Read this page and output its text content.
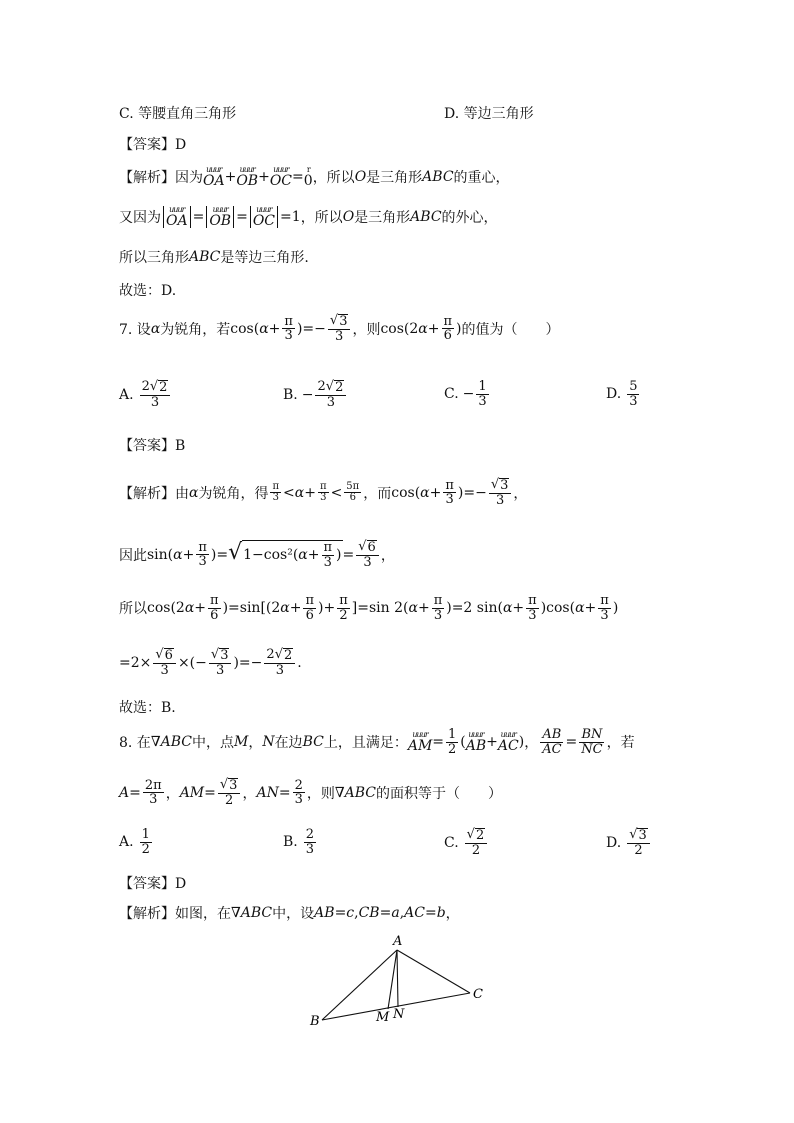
C. 等腰直角三角形	D. 等边三角形
【答案】D
【解析】 因为
uuur
OA + uuur
OB + uuur
OC = r
0 ，所以 O 是三角形 ABC 的重心，
又因为
uuur
OA = uuur
OB = uuur
OC = 1 ，所以 O 是三角形 ABC 的外心，
所以三角形 ABC 是等边三角形.
故选：D.
7. 设 α 为锐角，若 cos( $\alpha + \frac{\pi}{3}$ )=− $\frac{√ 3}{3}$ ，则 cos(2 $\alpha + \frac{\pi}{6}$ ) 的值为（　　）
A. $\frac{2√ 2}{3}$	B. − $\frac{2√ 2}{3}$	C. − $\frac{1}{3}$	D. $\frac{5}{3}$
【答案】B
【解析】 由 α 为锐角，得 $\frac{\pi}{3} < \alpha + \frac{\pi}{3} < \frac{5\pi}{6}$ ，而 cos( $\alpha + \frac{\pi}{3}$ )=− $\frac{√ 3}{3}$ ，
因此 sin( $\alpha + \frac{\pi}{3}$ )= √ $1-\cos^2(\alpha+ \frac{\pi}{3}$ ) = $\frac{√ 6}{3}$ ，
所以 cos(2 $\alpha + \frac{\pi}{6} )=\sin[(2$ $\alpha + \frac{\pi}{6}$ )+ $\frac{\pi}{2} ]=\sin$ 2( $\alpha + \frac{\pi}{3} )=2$ sin( $\alpha + \frac{\pi}{3} )\cos$( $\alpha + \frac{\pi}{3}$ )
$=2\times \frac{√ 6}{3}$ ×(− $\frac{√ 3}{3}$ )=− $\frac{2√ 2}{3}$ .
故选：B.
8. 在 ∇ABC 中，点 M ， N 在边 BC 上，且满足：
uuur
AM = $\frac{1}{2}$ ( uuur
AB + uuur
AC ) ， $\frac{AB}{AC} = \frac{BN}{NC}$ ，若
$A = \frac{2\pi}{3}$ ， AM = $\frac{√ 3}{2}$ ， AN = $\frac{2}{3}$ ，则 ∇ABC 的面积等于（　　）
A. $\frac{1}{2}$	B. $\frac{2}{3}$	C. $\frac{√ 2}{2}$	D. $\frac{√ 3}{2}$
【答案】D
【解析】 如图，在 ∇ABC 中，设 AB = c , CB = a , AC = b ，
A
B
C
M N
